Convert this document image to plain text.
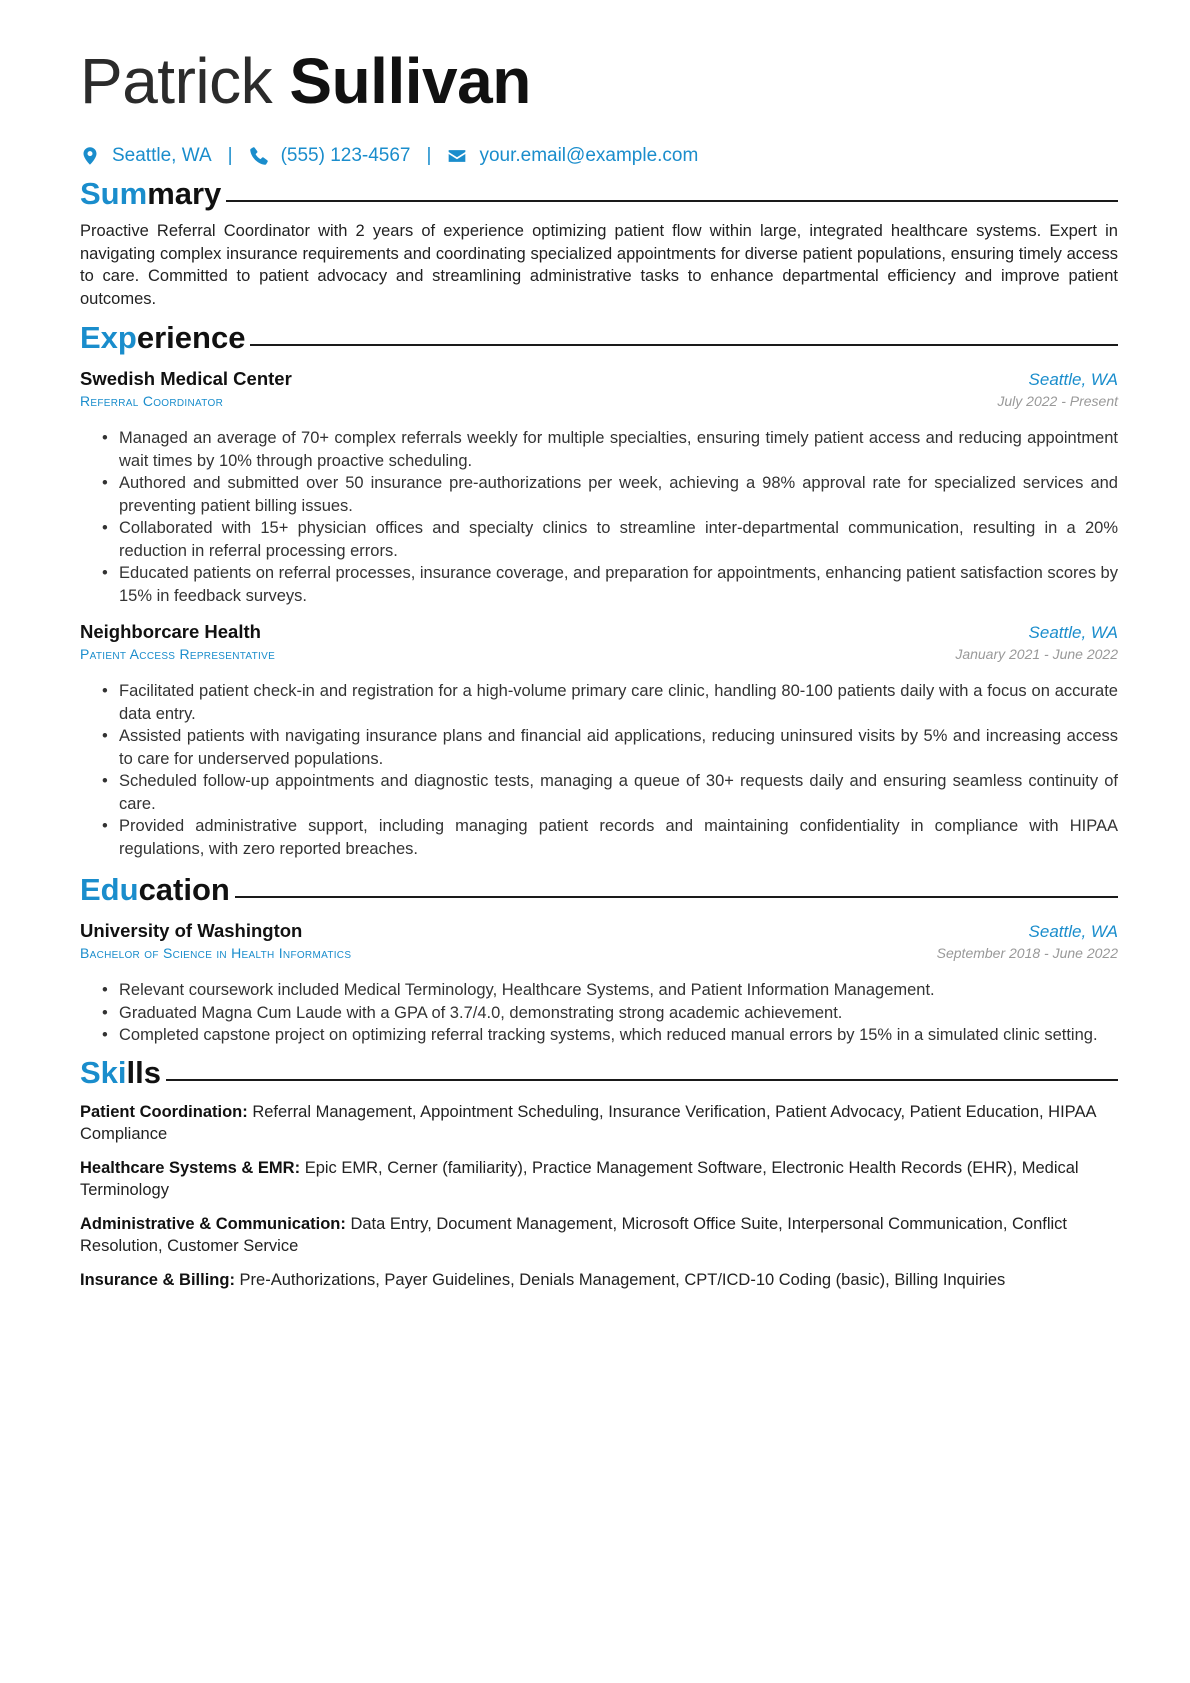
Patrick Sullivan
Seattle, WA |	(555) 123-4567 |	your.email@example.com
Summary
Proactive Referral Coordinator with 2 years of experience optimizing patient flow within large, integrated healthcare systems. Expert in navigating complex insurance requirements and coordinating specialized appointments for diverse patient populations, ensuring timely access to care. Committed to patient advocacy and streamlining administrative tasks to enhance departmental efficiency and improve patient outcomes.
Experience
Swedish Medical Center	Seattle, WA
Referral Coordinator	July 2022 - Present
• Managed an average of 70+ complex referrals weekly for multiple specialties, ensuring timely patient access and reducing appointment wait times by 10% through proactive scheduling.
• Authored and submitted over 50 insurance pre-authorizations per week, achieving a 98% approval rate for specialized services and preventing patient billing issues.
• Collaborated with 15+ physician offices and specialty clinics to streamline inter-departmental communication, resulting in a 20% reduction in referral processing errors.
• Educated patients on referral processes, insurance coverage, and preparation for appointments, enhancing patient satisfaction scores by 15% in feedback surveys.
Neighborcare Health	Seattle, WA
Patient Access Representative	January 2021 - June 2022
• Facilitated patient check-in and registration for a high-volume primary care clinic, handling 80-100 patients daily with a focus on accurate data entry.
• Assisted patients with navigating insurance plans and financial aid applications, reducing uninsured visits by 5% and increasing access to care for underserved populations.
• Scheduled follow-up appointments and diagnostic tests, managing a queue of 30+ requests daily and ensuring seamless continuity of care.
• Provided administrative support, including managing patient records and maintaining confidentiality in compliance with HIPAA regulations, with zero reported breaches.
Education
University of Washington	Seattle, WA
Bachelor of Science in Health Informatics	September 2018 - June 2022
• Relevant coursework included Medical Terminology, Healthcare Systems, and Patient Information Management.
• Graduated Magna Cum Laude with a GPA of 3.7/4.0, demonstrating strong academic achievement.
• Completed capstone project on optimizing referral tracking systems, which reduced manual errors by 15% in a simulated clinic setting.
Skills
Patient Coordination: Referral Management, Appointment Scheduling, Insurance Verification, Patient Advocacy, Patient Education, HIPAA Compliance
Healthcare Systems & EMR: Epic EMR, Cerner (familiarity), Practice Management Software, Electronic Health Records (EHR), Medical Terminology
Administrative & Communication: Data Entry, Document Management, Microsoft Office Suite, Interpersonal Communication, Conflict Resolution, Customer Service
Insurance & Billing: Pre-Authorizations, Payer Guidelines, Denials Management, CPT/ICD-10 Coding (basic), Billing Inquiries
